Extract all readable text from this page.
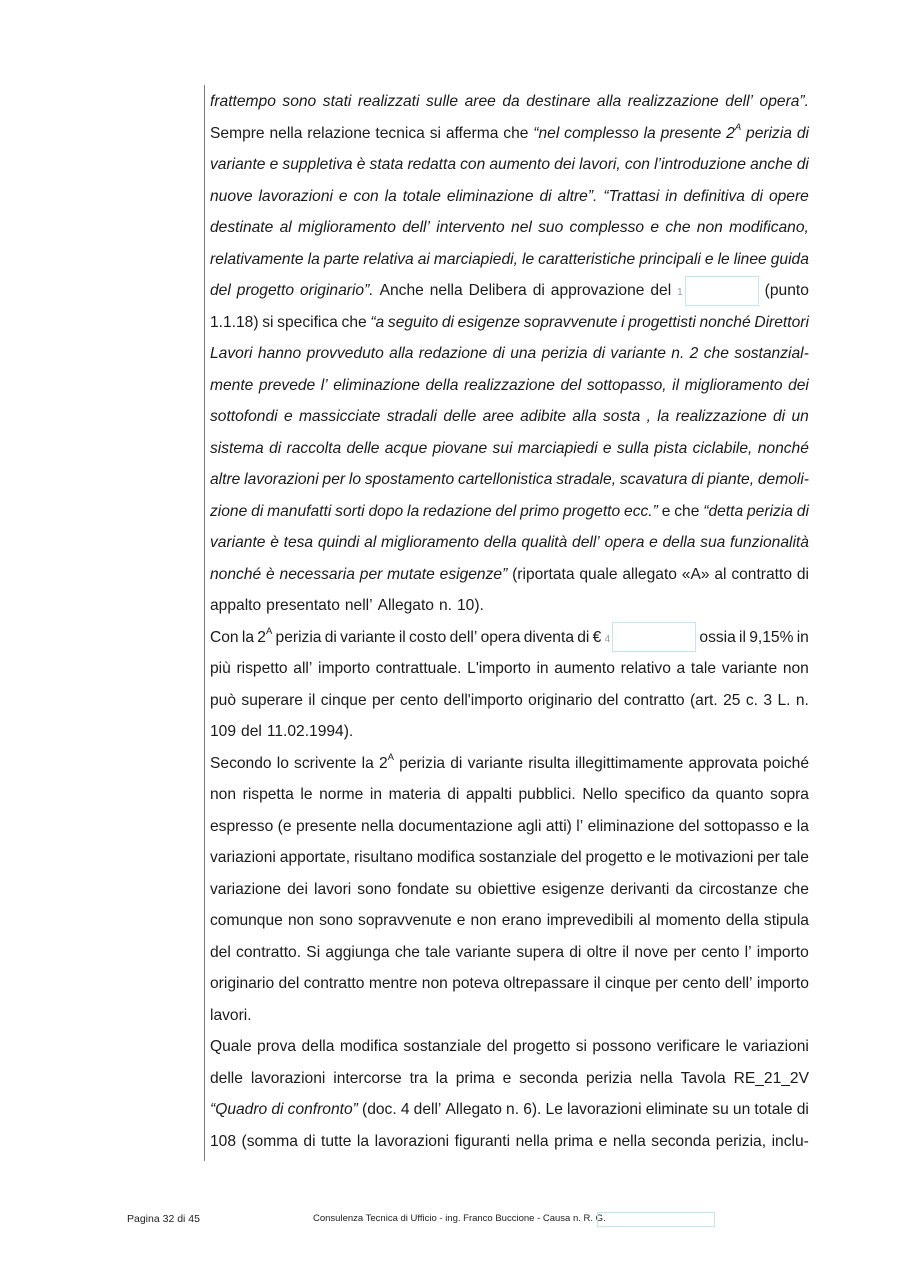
frattempo sono stati realizzati sulle aree da destinare alla realizzazione dell’ opera”.
Sempre nella relazione tecnica si afferma che “nel complesso la presente $2^A$ perizia di
variante e suppletiva è stata redatta con aumento dei lavori, con l’introduzione anche di
nuove lavorazioni e con la totale eliminazione di altre”. “Trattasi in definitiva di opere
destinate al miglioramento dell’ intervento nel suo complesso e che non modificano,
relativamente la parte relativa ai marciapiedi, le caratteristiche principali e le linee guida
del progetto originario”. Anche nella Delibera di approvazione del 1	(punto
1.1.18) si specifica che “a seguito di esigenze sopravvenute i progettisti nonché Direttori
Lavori hanno provveduto alla redazione di una perizia di variante n. 2 che sostanzial-
mente prevede l’ eliminazione della realizzazione del sottopasso, il miglioramento dei
sottofondi e massicciate stradali delle aree adibite alla sosta , la realizzazione di un
sistema di raccolta delle acque piovane sui marciapiedi e sulla pista ciclabile, nonché
altre lavorazioni per lo spostamento cartellonistica stradale, scavatura di piante, demoli-
zione di manufatti sorti dopo la redazione del primo progetto ecc.” e che “detta perizia di
variante è tesa quindi al miglioramento della qualità dell’ opera e della sua funzionalità
nonché è necessaria per mutate esigenze” (riportata quale allegato «A» al contratto di
appalto presentato nell’ Allegato n. 10).
Con la $2^A$ perizia di variante il costo dell’ opera diventa di € 4	ossia il 9,15% in
più rispetto all’ importo contrattuale. L'importo in aumento relativo a tale variante non
può superare il cinque per cento dell'importo originario del contratto (art. 25 c. 3 L. n.
109 del 11.02.1994).
Secondo lo scrivente la $2^A$ perizia di variante risulta illegittimamente approvata poiché
non rispetta le norme in materia di appalti pubblici. Nello specifico da quanto sopra
espresso (e presente nella documentazione agli atti) l’ eliminazione del sottopasso e la
variazioni apportate, risultano modifica sostanziale del progetto e le motivazioni per tale
variazione dei lavori sono fondate su obiettive esigenze derivanti da circostanze che
comunque non sono sopravvenute e non erano imprevedibili al momento della stipula
del contratto. Si aggiunga che tale variante supera di oltre il nove per cento l’ importo
originario del contratto mentre non poteva oltrepassare il cinque per cento dell’ importo
lavori.
Quale prova della modifica sostanziale del progetto si possono verificare le variazioni
delle lavorazioni intercorse tra la prima e seconda perizia nella Tavola RE_21_2V
“Quadro di confronto” (doc. 4 dell’ Allegato n. 6). Le lavorazioni eliminate su un totale di
108 (somma di tutte la lavorazioni figuranti nella prima e nella seconda perizia, inclu-
Pagina 32 di 45	Consulenza Tecnica di Ufficio - ing. Franco Buccione - Causa n. R. G.
